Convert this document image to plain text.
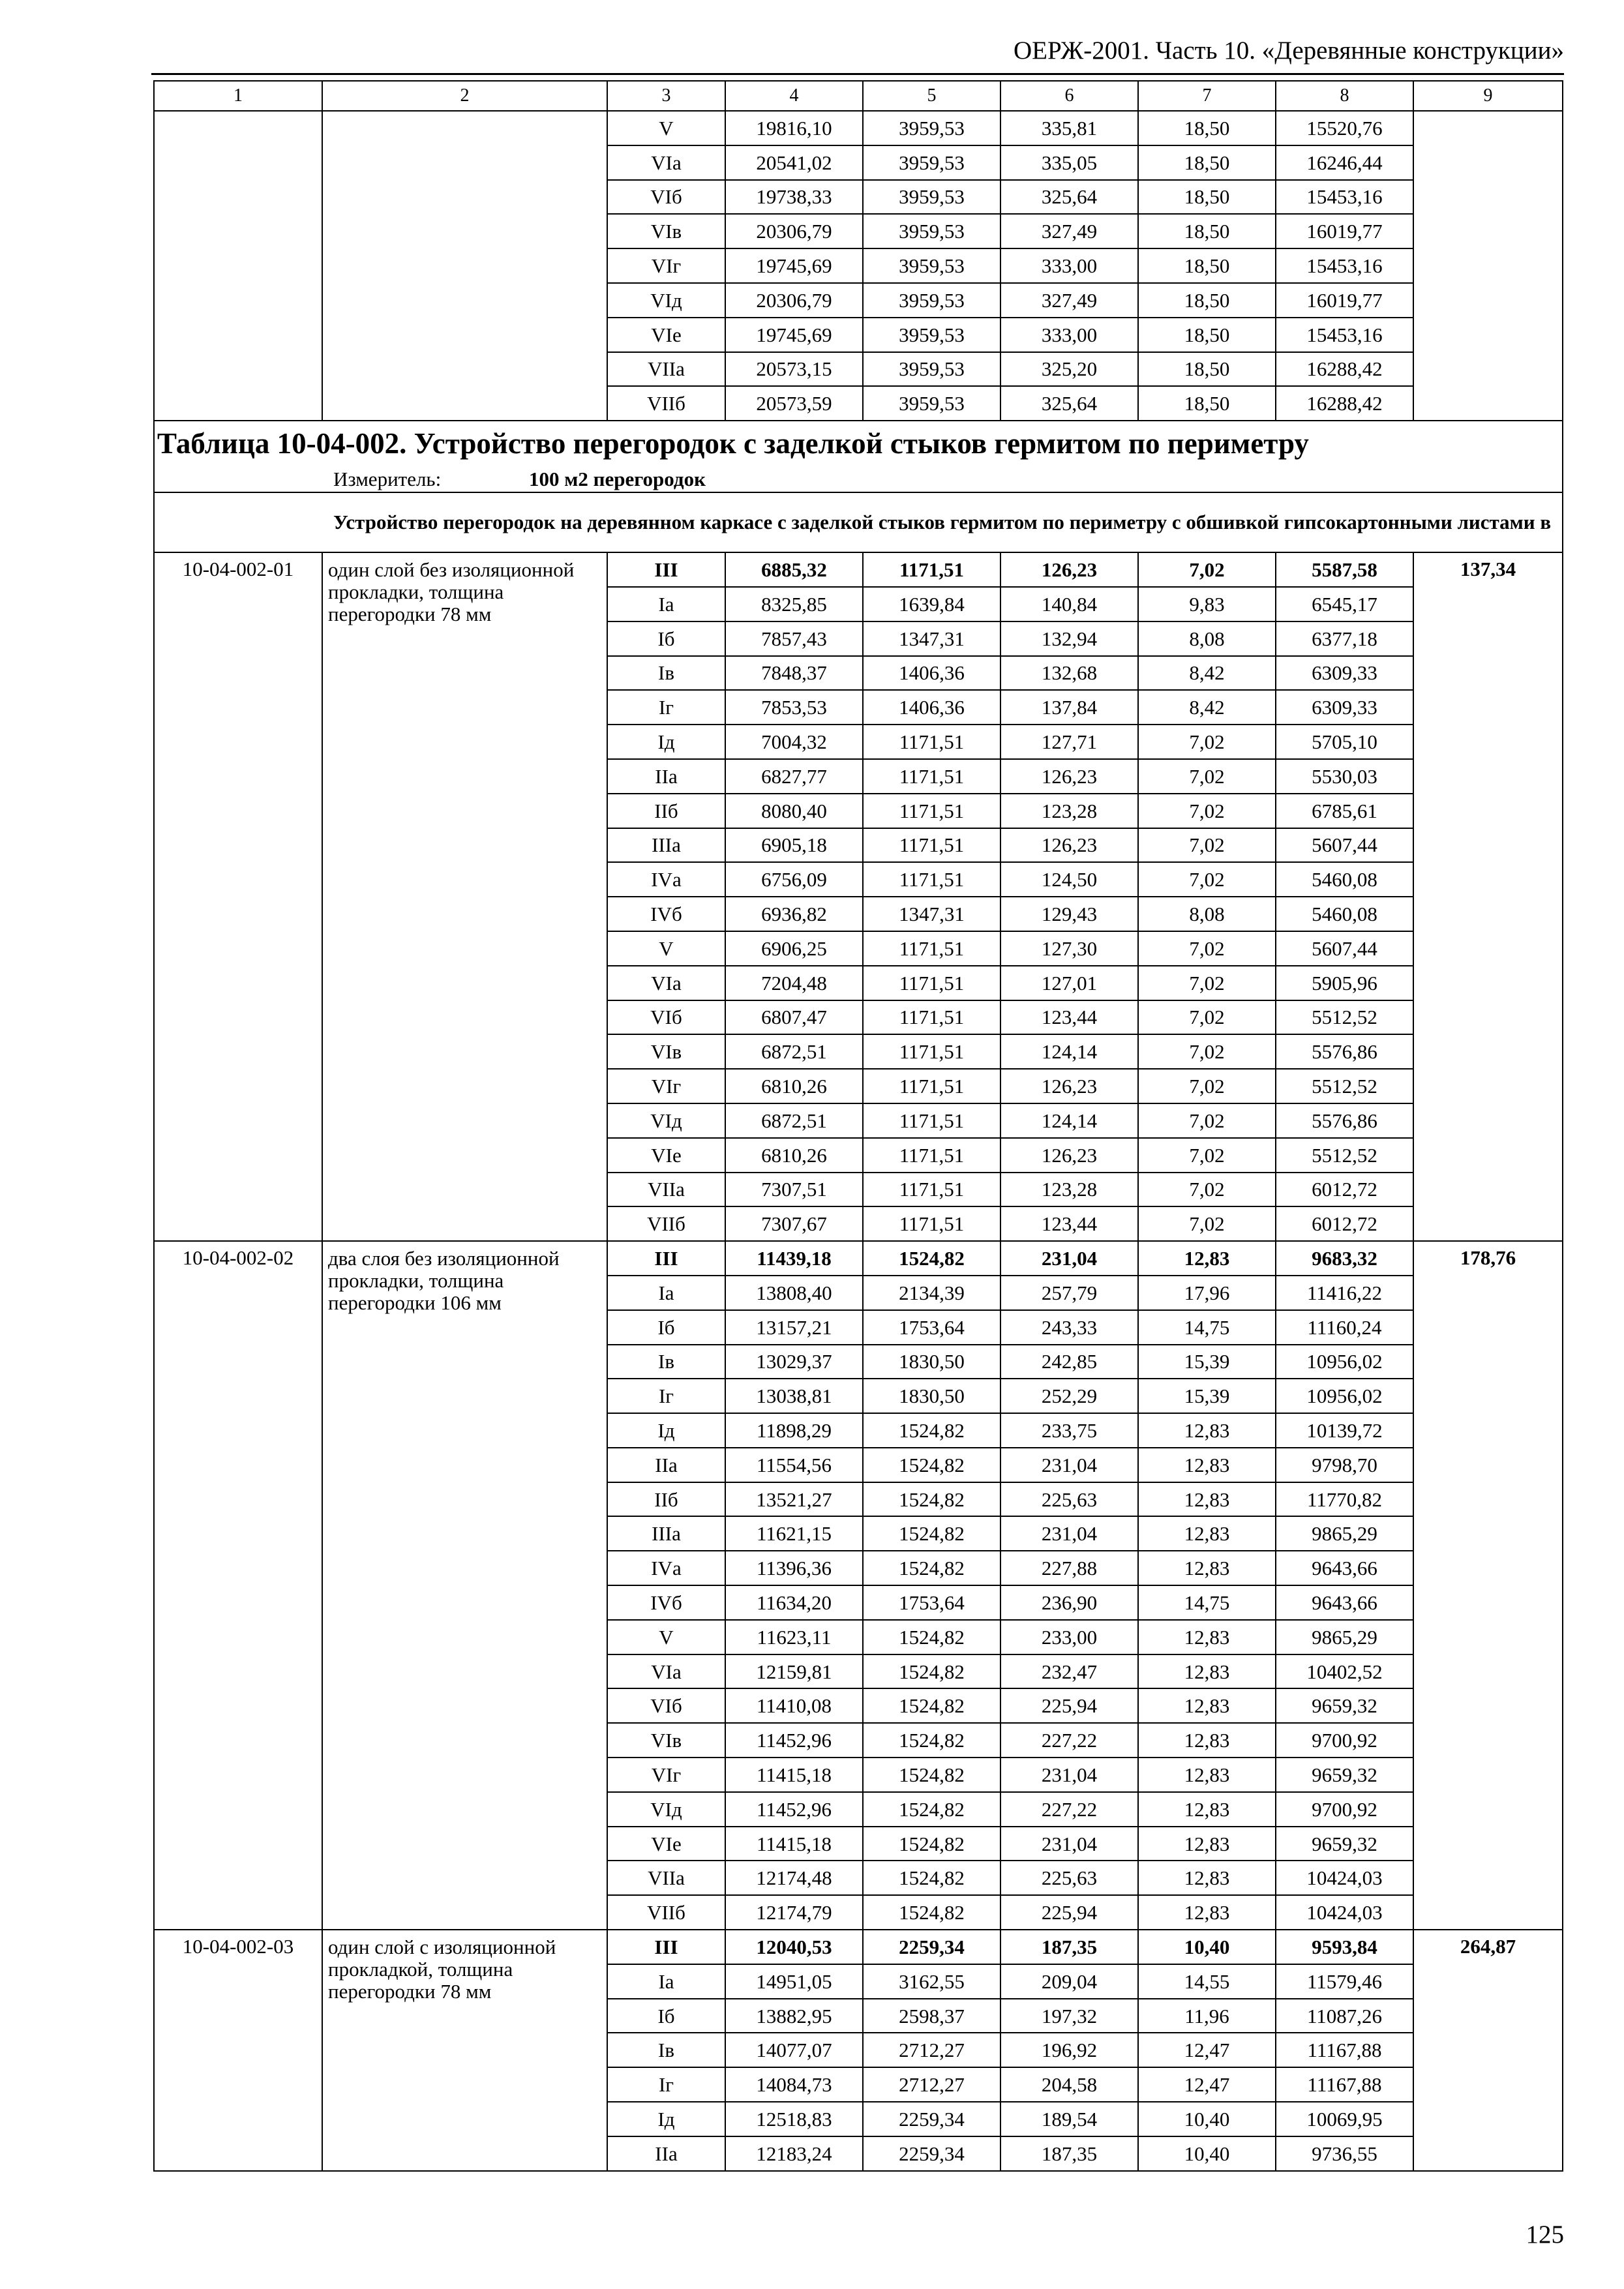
ОЕРЖ-2001. Часть 10. «Деревянные конструкции»
1	2	3	4	5	6	7	8	9
		V	19816,10	3959,53	335,81	18,50	15520,76	
		VIа	20541,02	3959,53	335,05	18,50	16246,44	
		VIб	19738,33	3959,53	325,64	18,50	15453,16	
		VIв	20306,79	3959,53	327,49	18,50	16019,77	
		VIг	19745,69	3959,53	333,00	18,50	15453,16	
		VIд	20306,79	3959,53	327,49	18,50	16019,77	
		VIе	19745,69	3959,53	333,00	18,50	15453,16	
		VIIа	20573,15	3959,53	325,20	18,50	16288,42	
		VIIб	20573,59	3959,53	325,64	18,50	16288,42	
Таблица 10-04-002. Устройство перегородок с заделкой стыков гермитом по периметру								
Измеритель: 100 м2 перегородок								

Устройство перегородок на деревянном каркасе с заделкой стыков гермитом по периметру с обшивкой гипсокартонными листами в								

10-04-002-01	один слой без изоляционной прокладки, толщина перегородки 78 мм	III	6885,32	1171,51	126,23	7,02	5587,58	137,34
		Iа	8325,85	1639,84	140,84	9,83	6545,17	
		Iб	7857,43	1347,31	132,94	8,08	6377,18	
		Iв	7848,37	1406,36	132,68	8,42	6309,33	
		Iг	7853,53	1406,36	137,84	8,42	6309,33	
		Iд	7004,32	1171,51	127,71	7,02	5705,10	
		IIа	6827,77	1171,51	126,23	7,02	5530,03	
		IIб	8080,40	1171,51	123,28	7,02	6785,61	
		IIIа	6905,18	1171,51	126,23	7,02	5607,44	
		IVа	6756,09	1171,51	124,50	7,02	5460,08	
		IVб	6936,82	1347,31	129,43	8,08	5460,08	
		V	6906,25	1171,51	127,30	7,02	5607,44	
		VIа	7204,48	1171,51	127,01	7,02	5905,96	
		VIб	6807,47	1171,51	123,44	7,02	5512,52	
		VIв	6872,51	1171,51	124,14	7,02	5576,86	
		VIг	6810,26	1171,51	126,23	7,02	5512,52	
		VIд	6872,51	1171,51	124,14	7,02	5576,86	
		VIе	6810,26	1171,51	126,23	7,02	5512,52	
		VIIа	7307,51	1171,51	123,28	7,02	6012,72	
		VIIб	7307,67	1171,51	123,44	7,02	6012,72	
10-04-002-02	два слоя без изоляционной прокладки, толщина перегородки 106 мм	III	11439,18	1524,82	231,04	12,83	9683,32	178,76
		Iа	13808,40	2134,39	257,79	17,96	11416,22	
		Iб	13157,21	1753,64	243,33	14,75	11160,24	
		Iв	13029,37	1830,50	242,85	15,39	10956,02	
		Iг	13038,81	1830,50	252,29	15,39	10956,02	
		Iд	11898,29	1524,82	233,75	12,83	10139,72	
		IIа	11554,56	1524,82	231,04	12,83	9798,70	
		IIб	13521,27	1524,82	225,63	12,83	11770,82	
		IIIа	11621,15	1524,82	231,04	12,83	9865,29	
		IVа	11396,36	1524,82	227,88	12,83	9643,66	
		IVб	11634,20	1753,64	236,90	14,75	9643,66	
		V	11623,11	1524,82	233,00	12,83	9865,29	
		VIа	12159,81	1524,82	232,47	12,83	10402,52	
		VIб	11410,08	1524,82	225,94	12,83	9659,32	
		VIв	11452,96	1524,82	227,22	12,83	9700,92	
		VIг	11415,18	1524,82	231,04	12,83	9659,32	
		VIд	11452,96	1524,82	227,22	12,83	9700,92	
		VIе	11415,18	1524,82	231,04	12,83	9659,32	
		VIIа	12174,48	1524,82	225,63	12,83	10424,03	
		VIIб	12174,79	1524,82	225,94	12,83	10424,03	
10-04-002-03	один слой с изоляционной прокладкой, толщина перегородки 78 мм	III	12040,53	2259,34	187,35	10,40	9593,84	264,87
		Iа	14951,05	3162,55	209,04	14,55	11579,46	
		Iб	13882,95	2598,37	197,32	11,96	11087,26	
		Iв	14077,07	2712,27	196,92	12,47	11167,88	
		Iг	14084,73	2712,27	204,58	12,47	11167,88	
		Iд	12518,83	2259,34	189,54	10,40	10069,95	
		IIа	12183,24	2259,34	187,35	10,40	9736,55	
125
